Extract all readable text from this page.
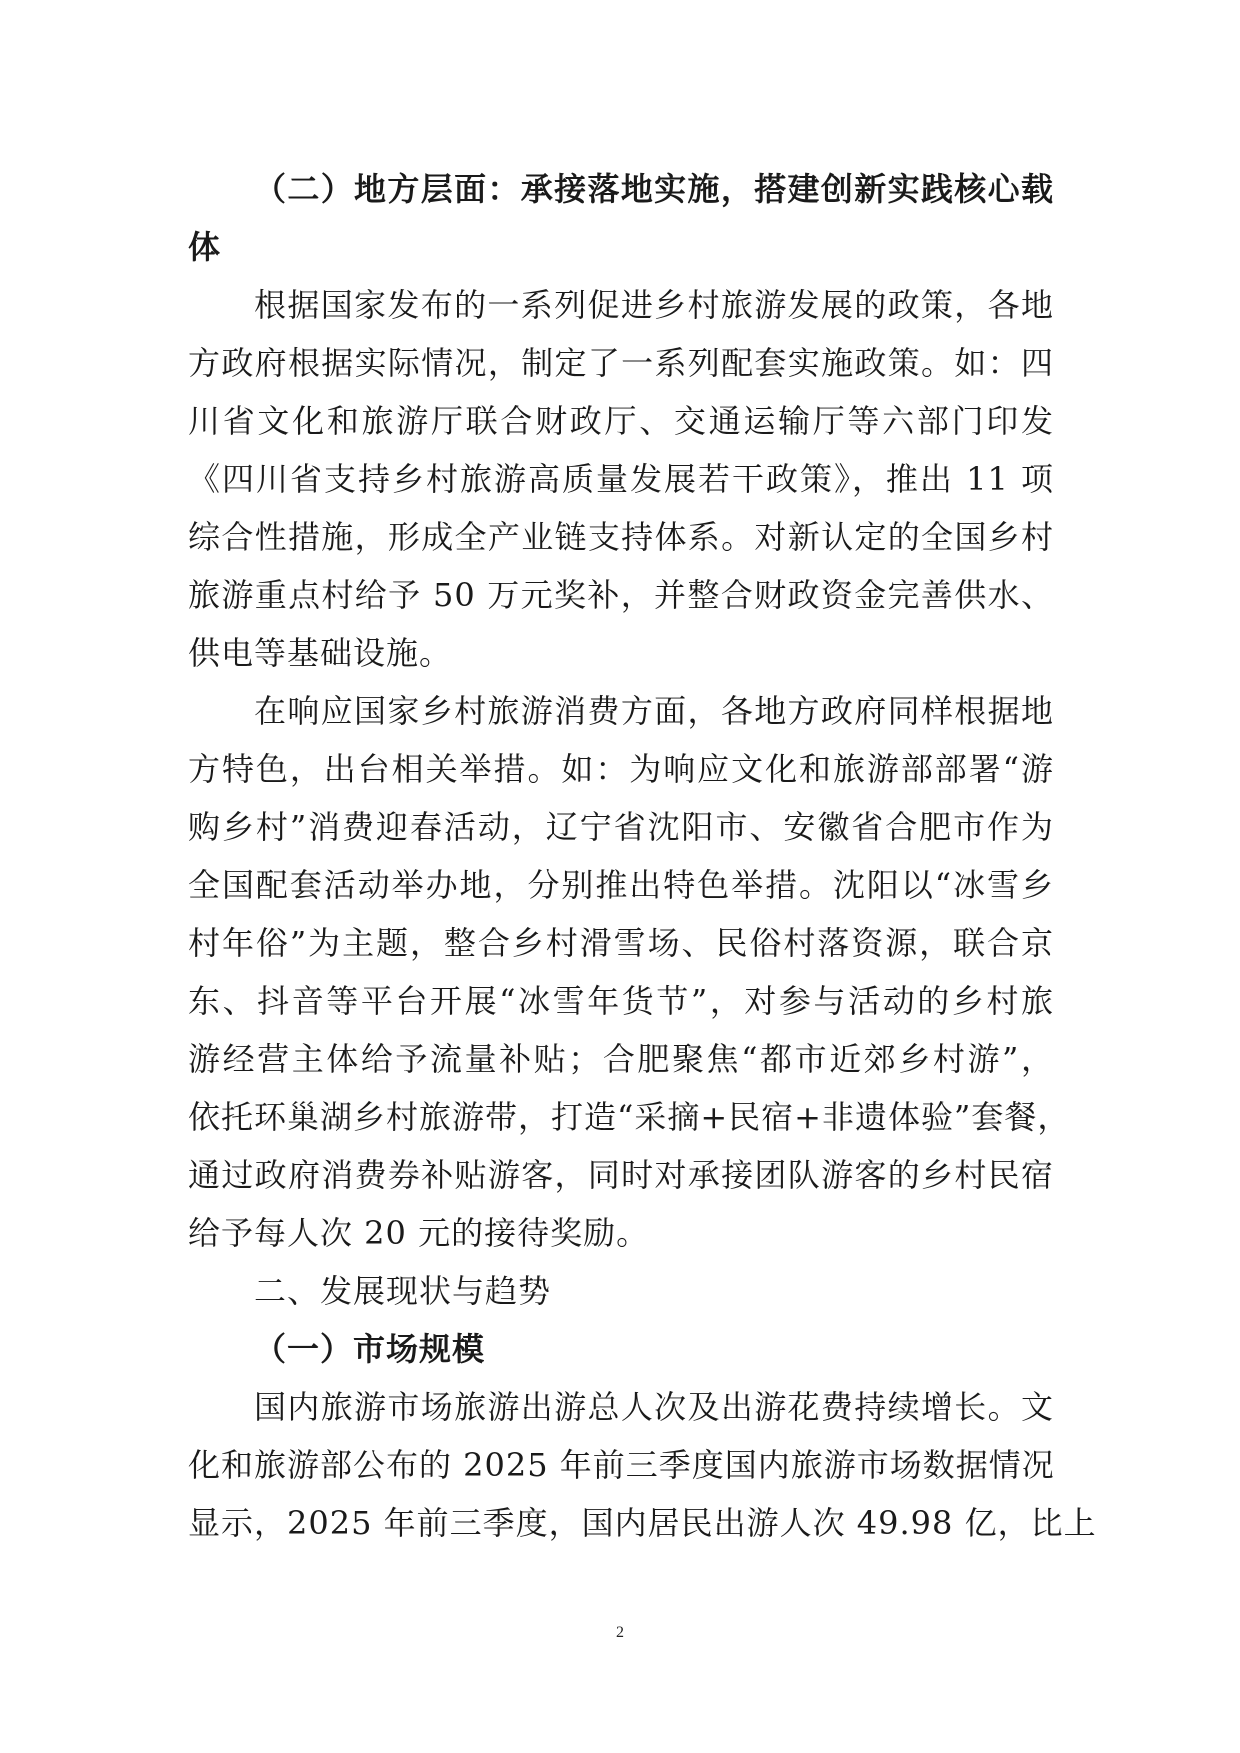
（二）地方层面：承接落地实施，搭建创新实践核心载
体
根据国家发布的一系列促进乡村旅游发展的政策，各地
方政府根据实际情况，制定了一系列配套实施政策。如：四
川省文化和旅游厅联合财政厅、交通运输厅等六部门印发
《四川省支持乡村旅游高质量发展若干政策》，推出 11 项
综合性措施，形成全产业链支持体系。对新认定的全国乡村
旅游重点村给予 50 万元奖补，并整合财政资金完善供水、
供电等基础设施。
在响应国家乡村旅游消费方面，各地方政府同样根据地
方特色，出台相关举措。如：为响应文化和旅游部部署“游
购乡村”消费迎春活动，辽宁省沈阳市、安徽省合肥市作为
全国配套活动举办地，分别推出特色举措。沈阳以“冰雪乡
村年俗”为主题，整合乡村滑雪场、民俗村落资源，联合京
东、抖音等平台开展“冰雪年货节”，对参与活动的乡村旅
游经营主体给予流量补贴；合肥聚焦“都市近郊乡村游”，
依托环巢湖乡村旅游带，打造“采摘+民宿+非遗体验”套餐，
通过政府消费券补贴游客，同时对承接团队游客的乡村民宿
给予每人次 20 元的接待奖励。
二、发展现状与趋势
（一）市场规模
国内旅游市场旅游出游总人次及出游花费持续增长。文
化和旅游部公布的 2025 年前三季度国内旅游市场数据情况
显示，2025 年前三季度，国内居民出游人次 49.98 亿，比上
2
